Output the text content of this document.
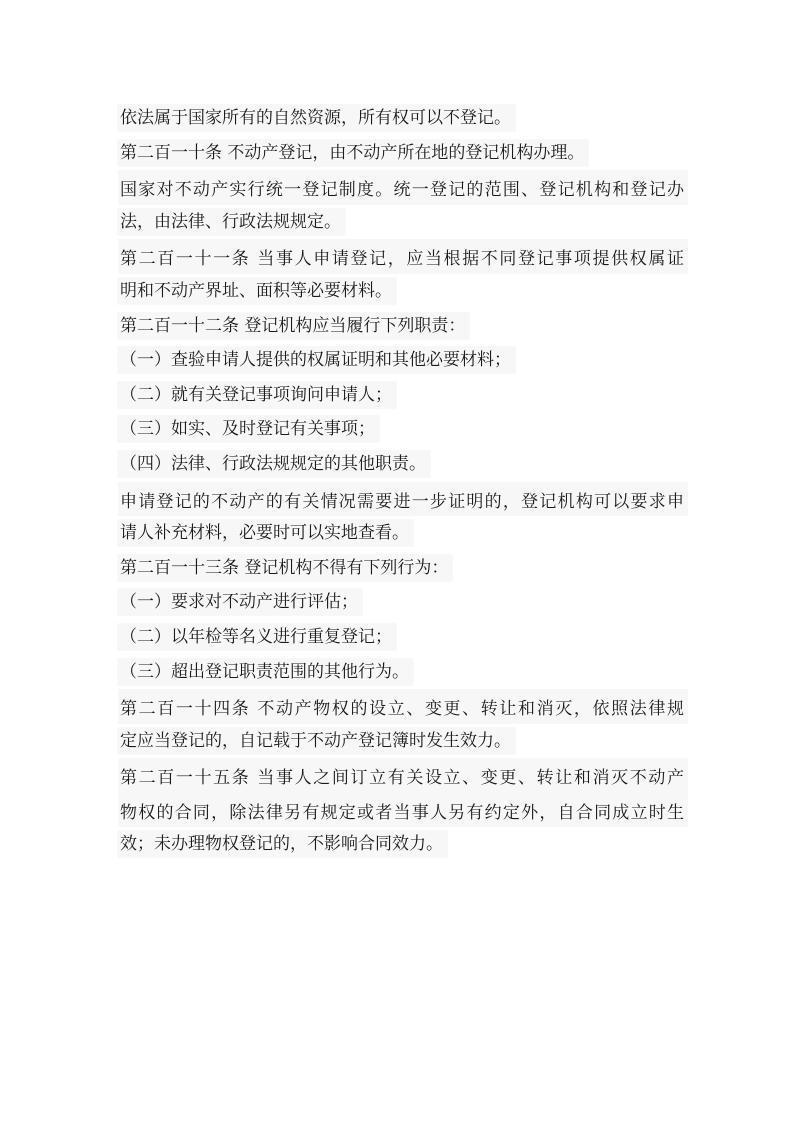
依法属于国家所有的自然资源，所有权可以不登记。
第二百一十条 不动产登记，由不动产所在地的登记机构办理。
国家对不动产实行统一登记制度。统一登记的范围、登记机构和登记办
法，由法律、行政法规规定。
第二百一十一条 当事人申请登记，应当根据不同登记事项提供权属证
明和不动产界址、面积等必要材料。
第二百一十二条 登记机构应当履行下列职责：
（一）查验申请人提供的权属证明和其他必要材料；
（二）就有关登记事项询问申请人；
（三）如实、及时登记有关事项；
（四）法律、行政法规规定的其他职责。
申请登记的不动产的有关情况需要进一步证明的，登记机构可以要求申
请人补充材料，必要时可以实地查看。
第二百一十三条 登记机构不得有下列行为：
（一）要求对不动产进行评估；
（二）以年检等名义进行重复登记；
（三）超出登记职责范围的其他行为。
第二百一十四条 不动产物权的设立、变更、转让和消灭，依照法律规
定应当登记的，自记载于不动产登记簿时发生效力。
第二百一十五条 当事人之间订立有关设立、变更、转让和消灭不动产
物权的合同，除法律另有规定或者当事人另有约定外，自合同成立时生
效；未办理物权登记的，不影响合同效力。
